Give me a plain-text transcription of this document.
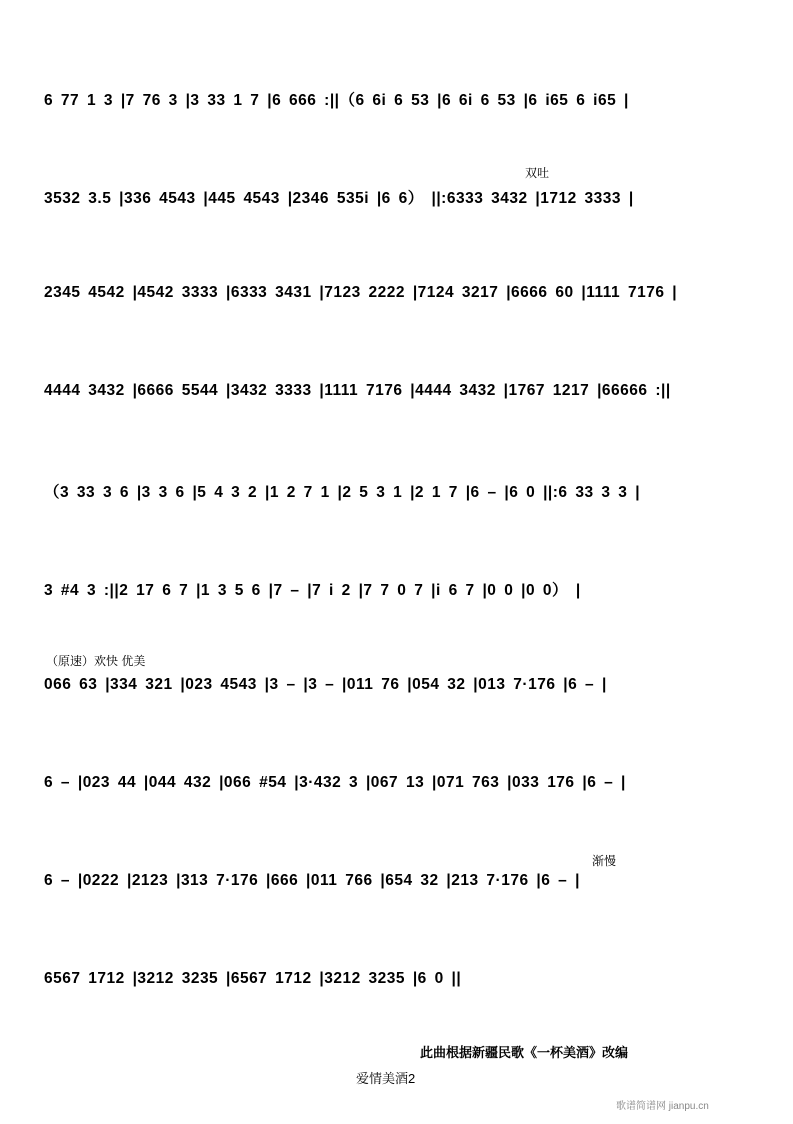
6 77 1 3 |7 76 3 |3 33 1 7 |6 666 :||（6 6i 6 53 |6 6i 6 53 |6 i65 6 i65 |
双吐
3532 3.5 |336 4543 |445 4543 |2346 535i |6 6） ||:6333 3432 |1712 3333 |
2345 4542 |4542 3333 |6333 3431 |7123 2222 |7124 3217 |6666 60 |1111 7176 |
4444 3432 |6666 5544 |3432 3333 |1111 7176 |4444 3432 |1767 1217 |66666 :||
（3 33 3 6 |3 3 6 |5 4 3 2 |1 2 7 1 |2 5 3 1 |2 1 7 |6 – |6 0 ||:6 33 3 3 |
3 #4 3 :||2 17 6 7 |1 3 5 6 |7 – |7 i 2 |7 7 0 7 |i 6 7 |0 0 |0 0） |
（原速）欢快 优美
066 63 |334 321 |023 4543 |3 – |3 – |011 76 |054 32 |013 7·176 |6 – |
6 – |023 44 |044 432 |066 #54 |3·432 3 |067 13 |071 763 |033 176 |6 – |
渐慢
6 – |0222 |2123 |313 7·176 |666 |011 766 |654 32 |213 7·176 |6 – |
6567 1712 |3212 3235 |6567 1712 |3212 3235 |6 0 ||
此曲根据新疆民歌《一杯美酒》改编
爱情美酒2
歌谱简谱网 jianpu.cn
